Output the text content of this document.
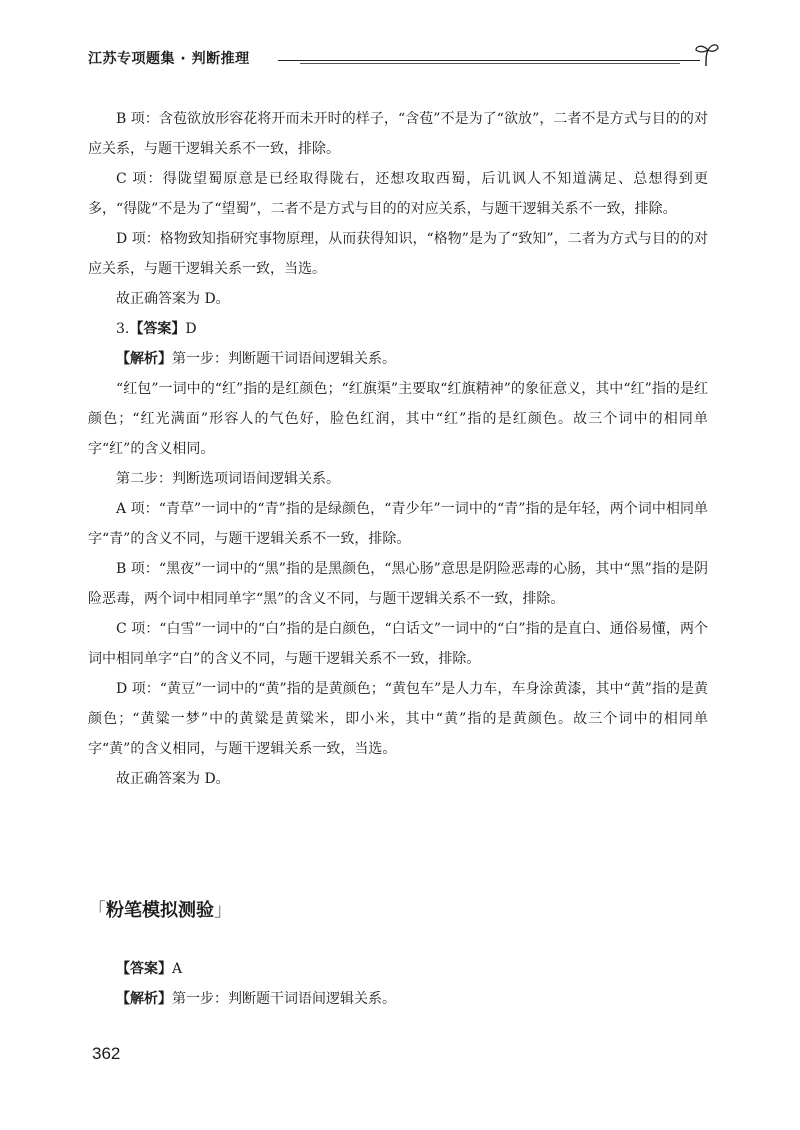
江苏专项题集 · 判断推理

B 项：含苞欲放形容花将开而未开时的样子，“含苞”不是为了“欲放”，二者不是方式与目的的对应关系，与题干逻辑关系不一致，排除。

C 项：得陇望蜀原意是已经取得陇右，还想攻取西蜀，后讥讽人不知道满足、总想得到更多，“得陇”不是为了“望蜀”，二者不是方式与目的的对应关系，与题干逻辑关系不一致，排除。

D 项：格物致知指研究事物原理，从而获得知识，“格物”是为了“致知”，二者为方式与目的的对应关系，与题干逻辑关系一致，当选。

故正确答案为 D。

3.【答案】D

【解析】第一步：判断题干词语间逻辑关系。

“红包”一词中的“红”指的是红颜色；“红旗渠”主要取“红旗精神”的象征意义，其中“红”指的是红颜色；“红光满面”形容人的气色好，脸色红润，其中“红”指的是红颜色。故三个词中的相同单字“红”的含义相同。

第二步：判断选项词语间逻辑关系。

A 项：“青草”一词中的“青”指的是绿颜色，“青少年”一词中的“青”指的是年轻，两个词中相同单字“青”的含义不同，与题干逻辑关系不一致，排除。

B 项：“黑夜”一词中的“黑”指的是黑颜色，“黑心肠”意思是阴险恶毒的心肠，其中“黑”指的是阴险恶毒，两个词中相同单字“黑”的含义不同，与题干逻辑关系不一致，排除。

C 项：“白雪”一词中的“白”指的是白颜色，“白话文”一词中的“白”指的是直白、通俗易懂，两个词中相同单字“白”的含义不同，与题干逻辑关系不一致，排除。

D 项：“黄豆”一词中的“黄”指的是黄颜色；“黄包车”是人力车，车身涂黄漆，其中“黄”指的是黄颜色；“黄粱一梦”中的黄粱是黄粱米，即小米，其中“黄”指的是黄颜色。故三个词中的相同单字“黄”的含义相同，与题干逻辑关系一致，当选。

故正确答案为 D。

「粉笔模拟测验」

【答案】A

【解析】第一步：判断题干词语间逻辑关系。

362
